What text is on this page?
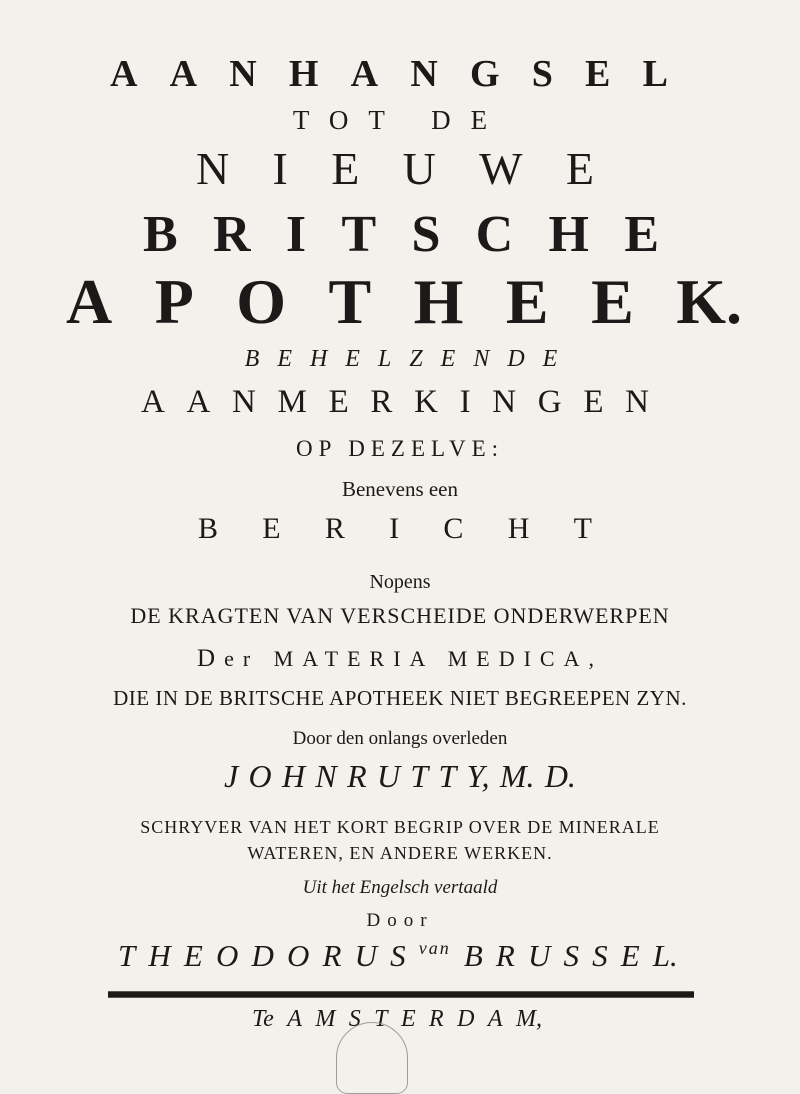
A A N H A N G S E L
TOT DE
N I E U W E
B R I T S C H E
A P O T H E E K.
BEHELZENDE
A A N M E R K I N G E N
OP DEZELVE:
Benevens een
B E R I C H T
Nopens
DE KRAGTEN VAN VERSCHEIDE ONDERWERPEN
Der MATERIA MEDICA,
DIE IN DE BRITSCHE APOTHEEK NIET BEGREEPEN ZYN.
Door den onlangs overleden
J O H N R U T T Y, M. D.
SCHRYVER VAN HET KORT BEGRIP OVER DE MINERALE
WATEREN, EN ANDERE WERKEN.
Uit het Engelsch vertaald
Door
T H E O D O R U S van B R U S S E L.
Te A M S T E R D A M,
